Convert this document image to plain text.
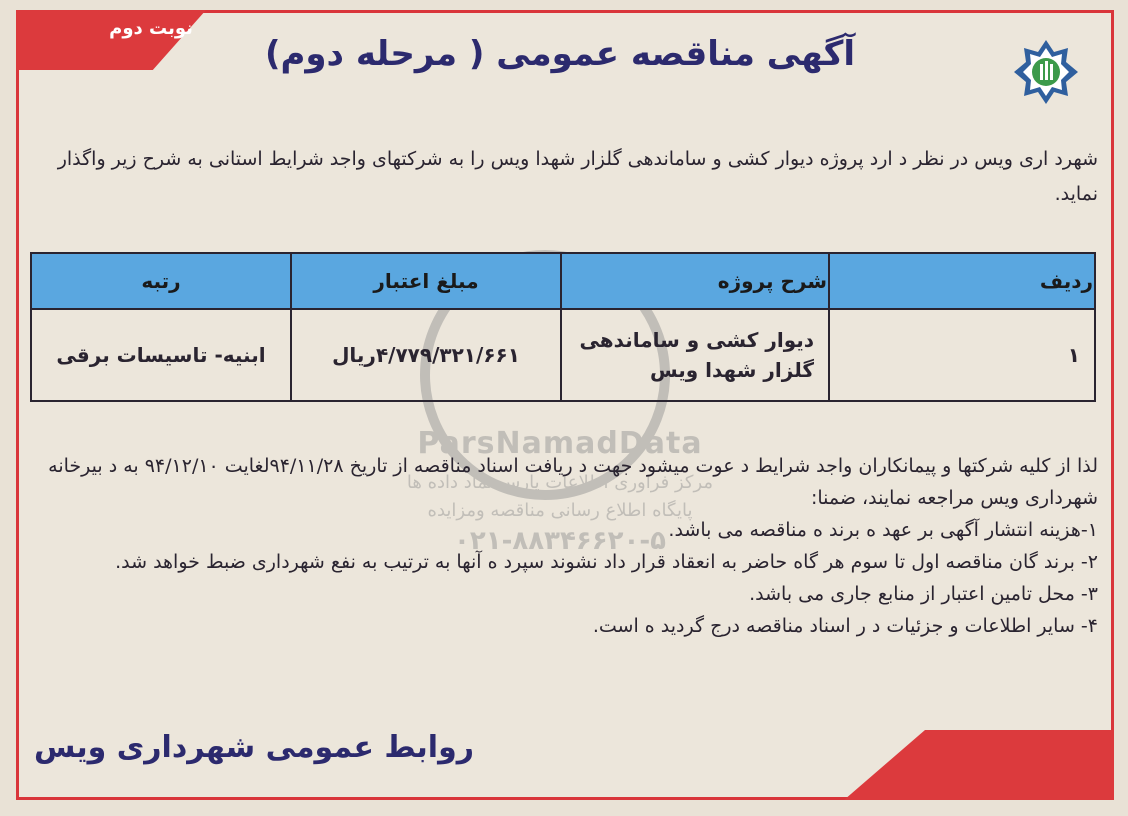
نوبت دوم
آگهی مناقصه عمومی ( مرحله دوم)
شهرد اری ویس در نظر د ارد پروژه دیوار کشی و ساماندهی گلزار شهدا ویس را به شرکتهای واجد شرایط استانی به شرح زیر واگذار نماید.
ParsNamadData
مرکز فراوری اطلاعات پارس نماد داده ها
پایگاه اطلاع رسانی مناقصه ومزایده
۰۲۱-۸۸۳۴۶۶۲۰-۵
ردیف	شرح پروژه	مبلغ اعتبار	رتبه
۱	دیوار کشی و ساماندهی گلزار شهدا ویس	۴/۷۷۹/۳۲۱/۶۶۱ریال	ابنیه- تاسیسات برقی

لذا از کلیه شرکتها و پیمانکاران واجد شرایط د عوت میشود جهت د ریافت اسناد مناقصه از تاریخ ۹۴/۱۱/۲۸لغایت ۹۴/۱۲/۱۰ به د بیرخانه شهرداری ویس مراجعه نمایند، ضمنا:

۱-هزینه انتشار آگهی بر عهد ه برند ه مناقصه می باشد.

۲- برند گان مناقصه اول تا سوم هر گاه حاضر به انعقاد قرار داد نشوند سپرد ه آنها به ترتیب به نفع شهرداری ضبط خواهد شد.

۳- محل تامین اعتبار از منابع جاری می باشد.

۴- سایر اطلاعات و جزئیات د ر اسناد مناقصه درج گردید ه است.

روابط عمومی شهرداری ویس
